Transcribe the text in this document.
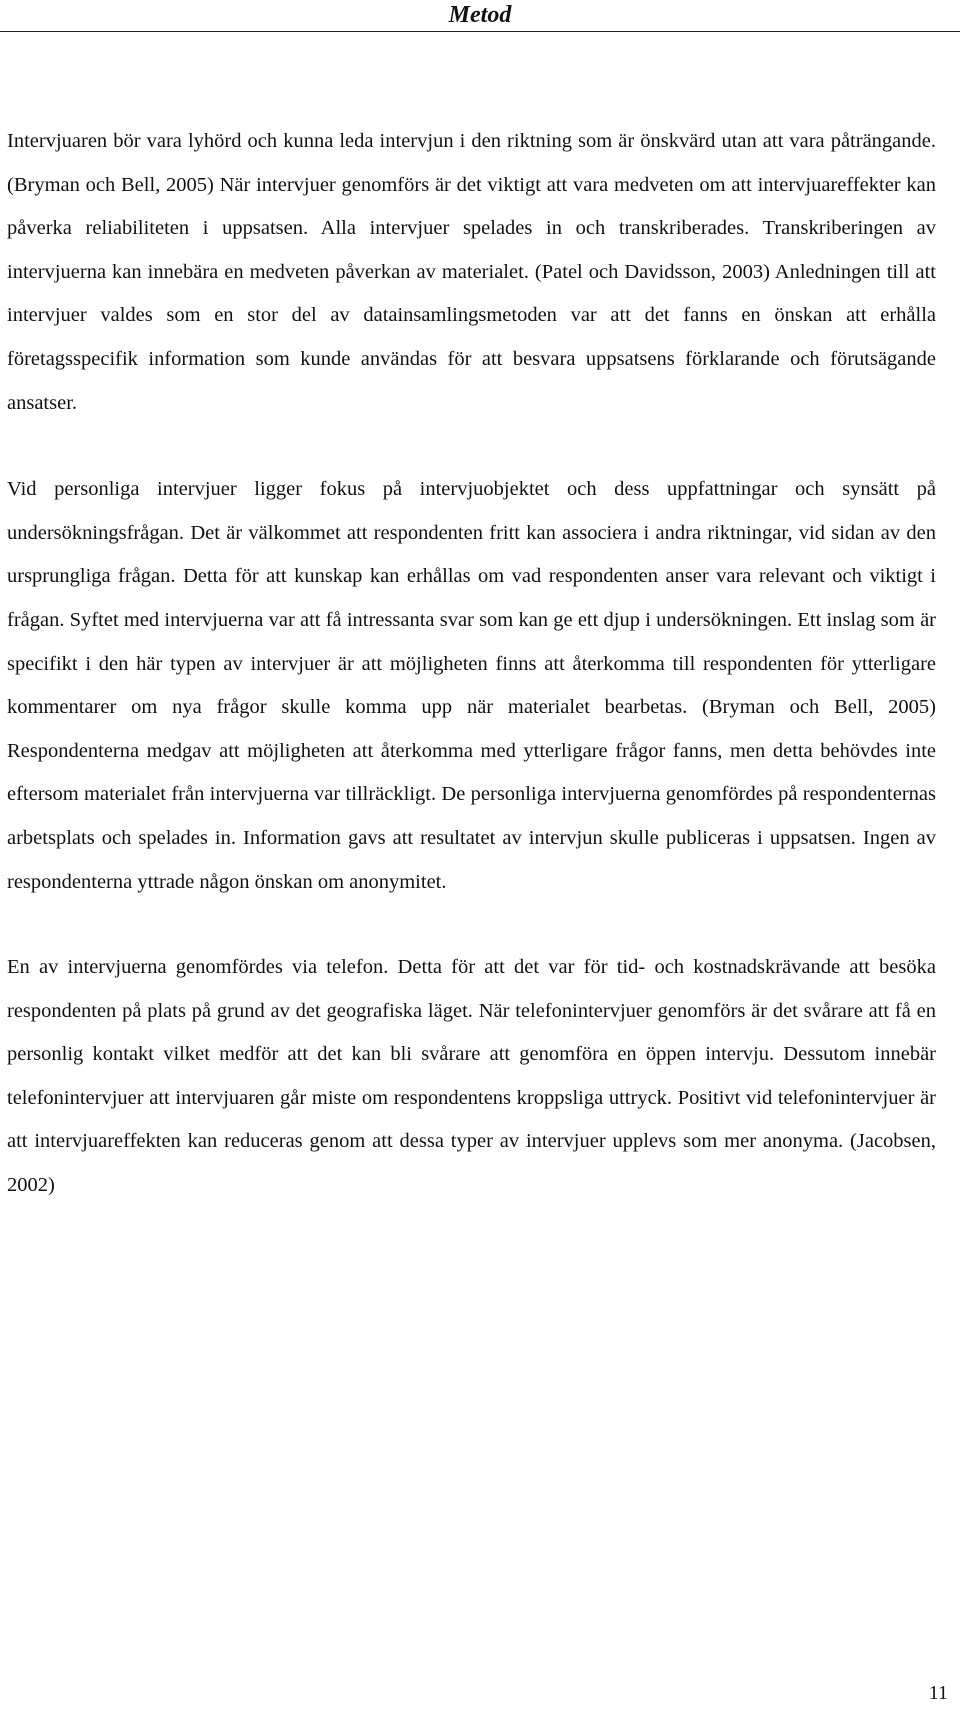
Metod

Intervjuaren bör vara lyhörd och kunna leda intervjun i den riktning som är önskvärd utan att vara påträngande. (Bryman och Bell, 2005) När intervjuer genomförs är det viktigt att vara medveten om att intervjuareffekter kan påverka reliabiliteten i uppsatsen. Alla intervjuer spelades in och transkriberades. Transkriberingen av intervjuerna kan innebära en medveten påverkan av materialet. (Patel och Davidsson, 2003) Anledningen till att intervjuer valdes som en stor del av datainsamlingsmetoden var att det fanns en önskan att erhålla företagsspecifik information som kunde användas för att besvara uppsatsens förklarande och förutsägande ansatser.

Vid personliga intervjuer ligger fokus på intervjuobjektet och dess uppfattningar och synsätt på undersökningsfrågan. Det är välkommet att respondenten fritt kan associera i andra riktningar, vid sidan av den ursprungliga frågan. Detta för att kunskap kan erhållas om vad respondenten anser vara relevant och viktigt i frågan. Syftet med intervjuerna var att få intressanta svar som kan ge ett djup i undersökningen. Ett inslag som är specifikt i den här typen av intervjuer är att möjligheten finns att återkomma till respondenten för ytterligare kommentarer om nya frågor skulle komma upp när materialet bearbetas. (Bryman och Bell, 2005) Respondenterna medgav att möjligheten att återkomma med ytterligare frågor fanns, men detta behövdes inte eftersom materialet från intervjuerna var tillräckligt. De personliga intervjuerna genomfördes på respondenternas arbetsplats och spelades in. Information gavs att resultatet av intervjun skulle publiceras i uppsatsen. Ingen av respondenterna yttrade någon önskan om anonymitet.

En av intervjuerna genomfördes via telefon. Detta för att det var för tid- och kostnadskrävande att besöka respondenten på plats på grund av det geografiska läget. När telefonintervjuer genomförs är det svårare att få en personlig kontakt vilket medför att det kan bli svårare att genomföra en öppen intervju. Dessutom innebär telefonintervjuer att intervjuaren går miste om respondentens kroppsliga uttryck. Positivt vid telefonintervjuer är att intervjuareffekten kan reduceras genom att dessa typer av intervjuer upplevs som mer anonyma. (Jacobsen, 2002)

11
